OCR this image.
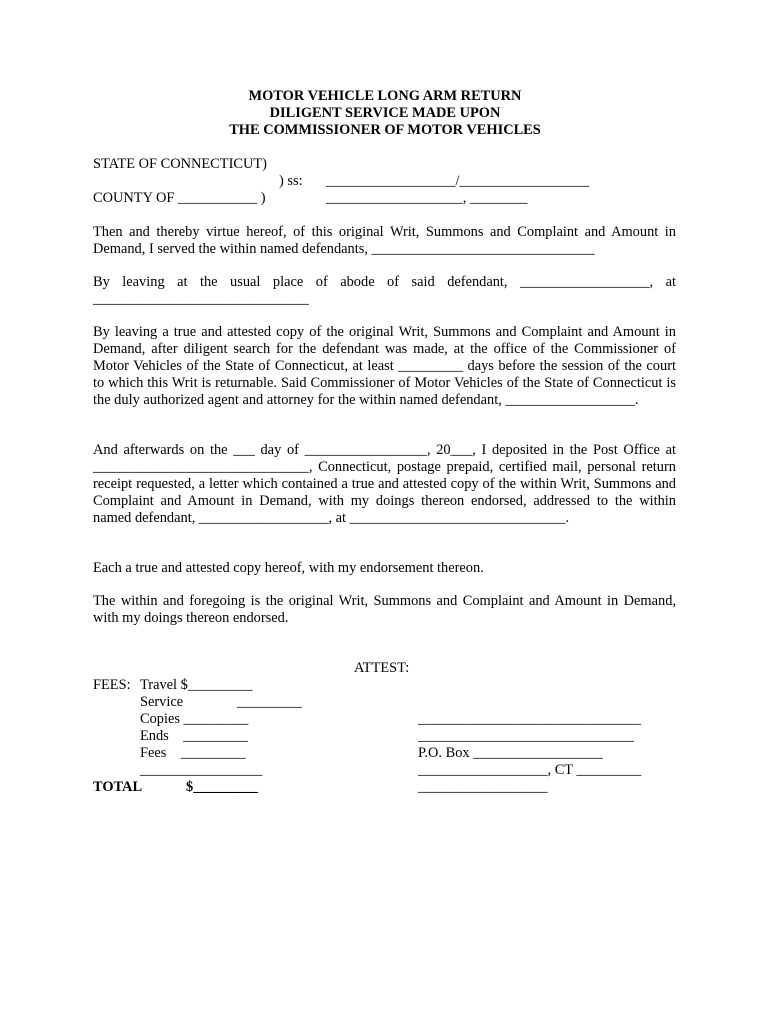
MOTOR VEHICLE LONG ARM RETURN
DILIGENT SERVICE MADE UPON
THE COMMISSIONER OF MOTOR VEHICLES
STATE OF CONNECTICUT)
) ss: __________________/__________________
COUNTY OF ___________ )	___________________, ________
Then and thereby virtue hereof, of this original Writ, Summons and Complaint and Amount in Demand, I served the within named defendants, _______________________________
By leaving at the usual place of abode of said defendant, __________________, at
______________________________
By leaving a true and attested copy of the original Writ, Summons and Complaint and Amount in Demand, after diligent search for the defendant was made, at the office of the Commissioner of Motor Vehicles of the State of Connecticut, at least _________ days before the session of the court to which this Writ is returnable. Said Commissioner of Motor Vehicles of the State of Connecticut is the duly authorized agent and attorney for the within named defendant, __________________.
And afterwards on the ___ day of _________________, 20___, I deposited in the Post Office at ______________________________, Connecticut, postage prepaid, certified mail, personal return receipt requested, a letter which contained a true and attested copy of the within Writ, Summons and Complaint and Amount in Demand, with my doings thereon endorsed, addressed to the within named defendant, __________________, at ______________________________.
Each a true and attested copy hereof, with my endorsement thereon.
The within and foregoing is the original Writ, Summons and Complaint and Amount in Demand, with my doings thereon endorsed.
ATTEST:
FEES: Travel $_________
Service	_________
Copies _________
Ends    _________
Fees    _________
_________________
TOTAL	$_________
_______________________________
______________________________
P.O. Box __________________
__________________, CT _________
__________________
